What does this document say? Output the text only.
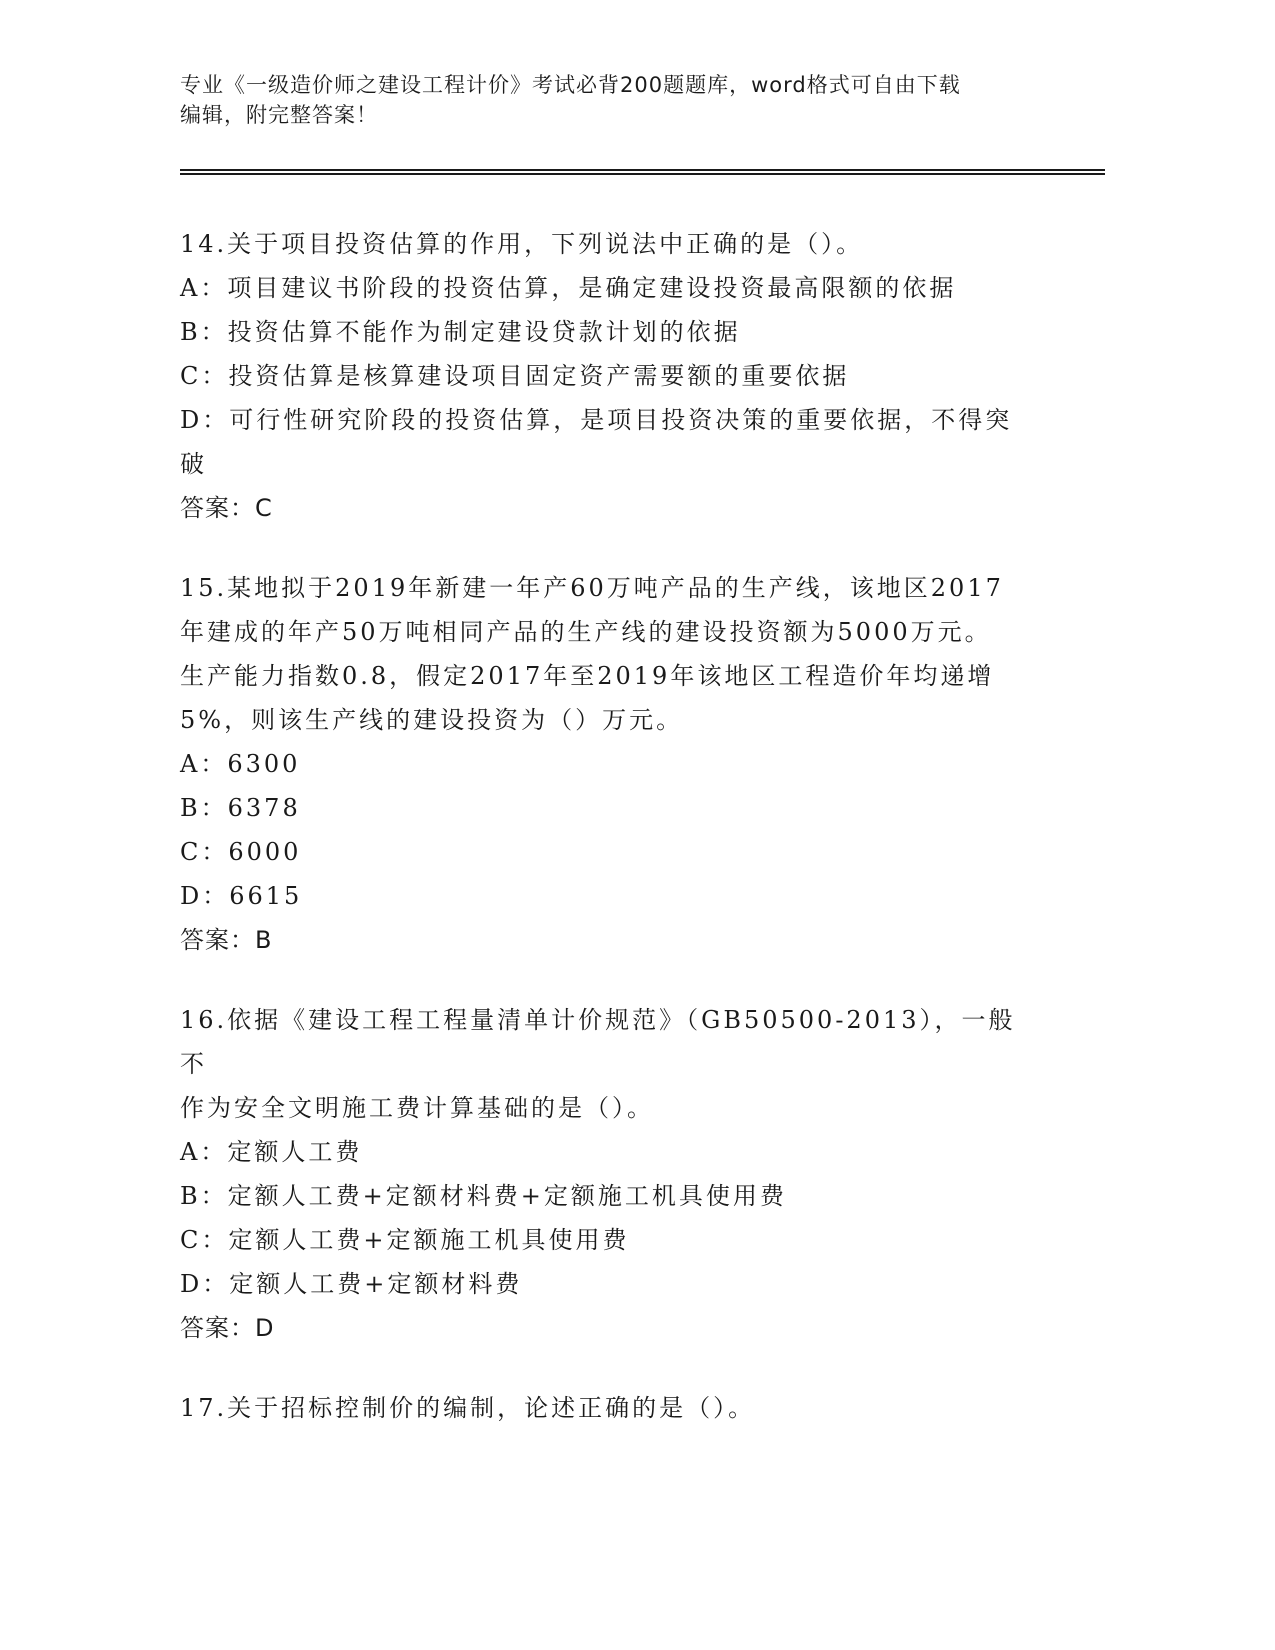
专业《一级造价师之建设工程计价》考试必背200题题库，word格式可自由下载
编辑，附完整答案！
14.关于项目投资估算的作用，下列说法中正确的是（）。
A：项目建议书阶段的投资估算，是确定建设投资最高限额的依据
B：投资估算不能作为制定建设贷款计划的依据
C：投资估算是核算建设项目固定资产需要额的重要依据
D：可行性研究阶段的投资估算，是项目投资决策的重要依据，不得突
破
答案：C
15.某地拟于2019年新建一年产60万吨产品的生产线，该地区2017
年建成的年产50万吨相同产品的生产线的建设投资额为5000万元。
生产能力指数0.8，假定2017年至2019年该地区工程造价年均递增
5%，则该生产线的建设投资为（）万元。
A：6300
B：6378
C：6000
D：6615
答案：B
16.依据《建设工程工程量清单计价规范》（GB50500-2013），一般不
作为安全文明施工费计算基础的是（）。
A：定额人工费
B：定额人工费+定额材料费+定额施工机具使用费
C：定额人工费+定额施工机具使用费
D：定额人工费+定额材料费
答案：D
17.关于招标控制价的编制，论述正确的是（）。
